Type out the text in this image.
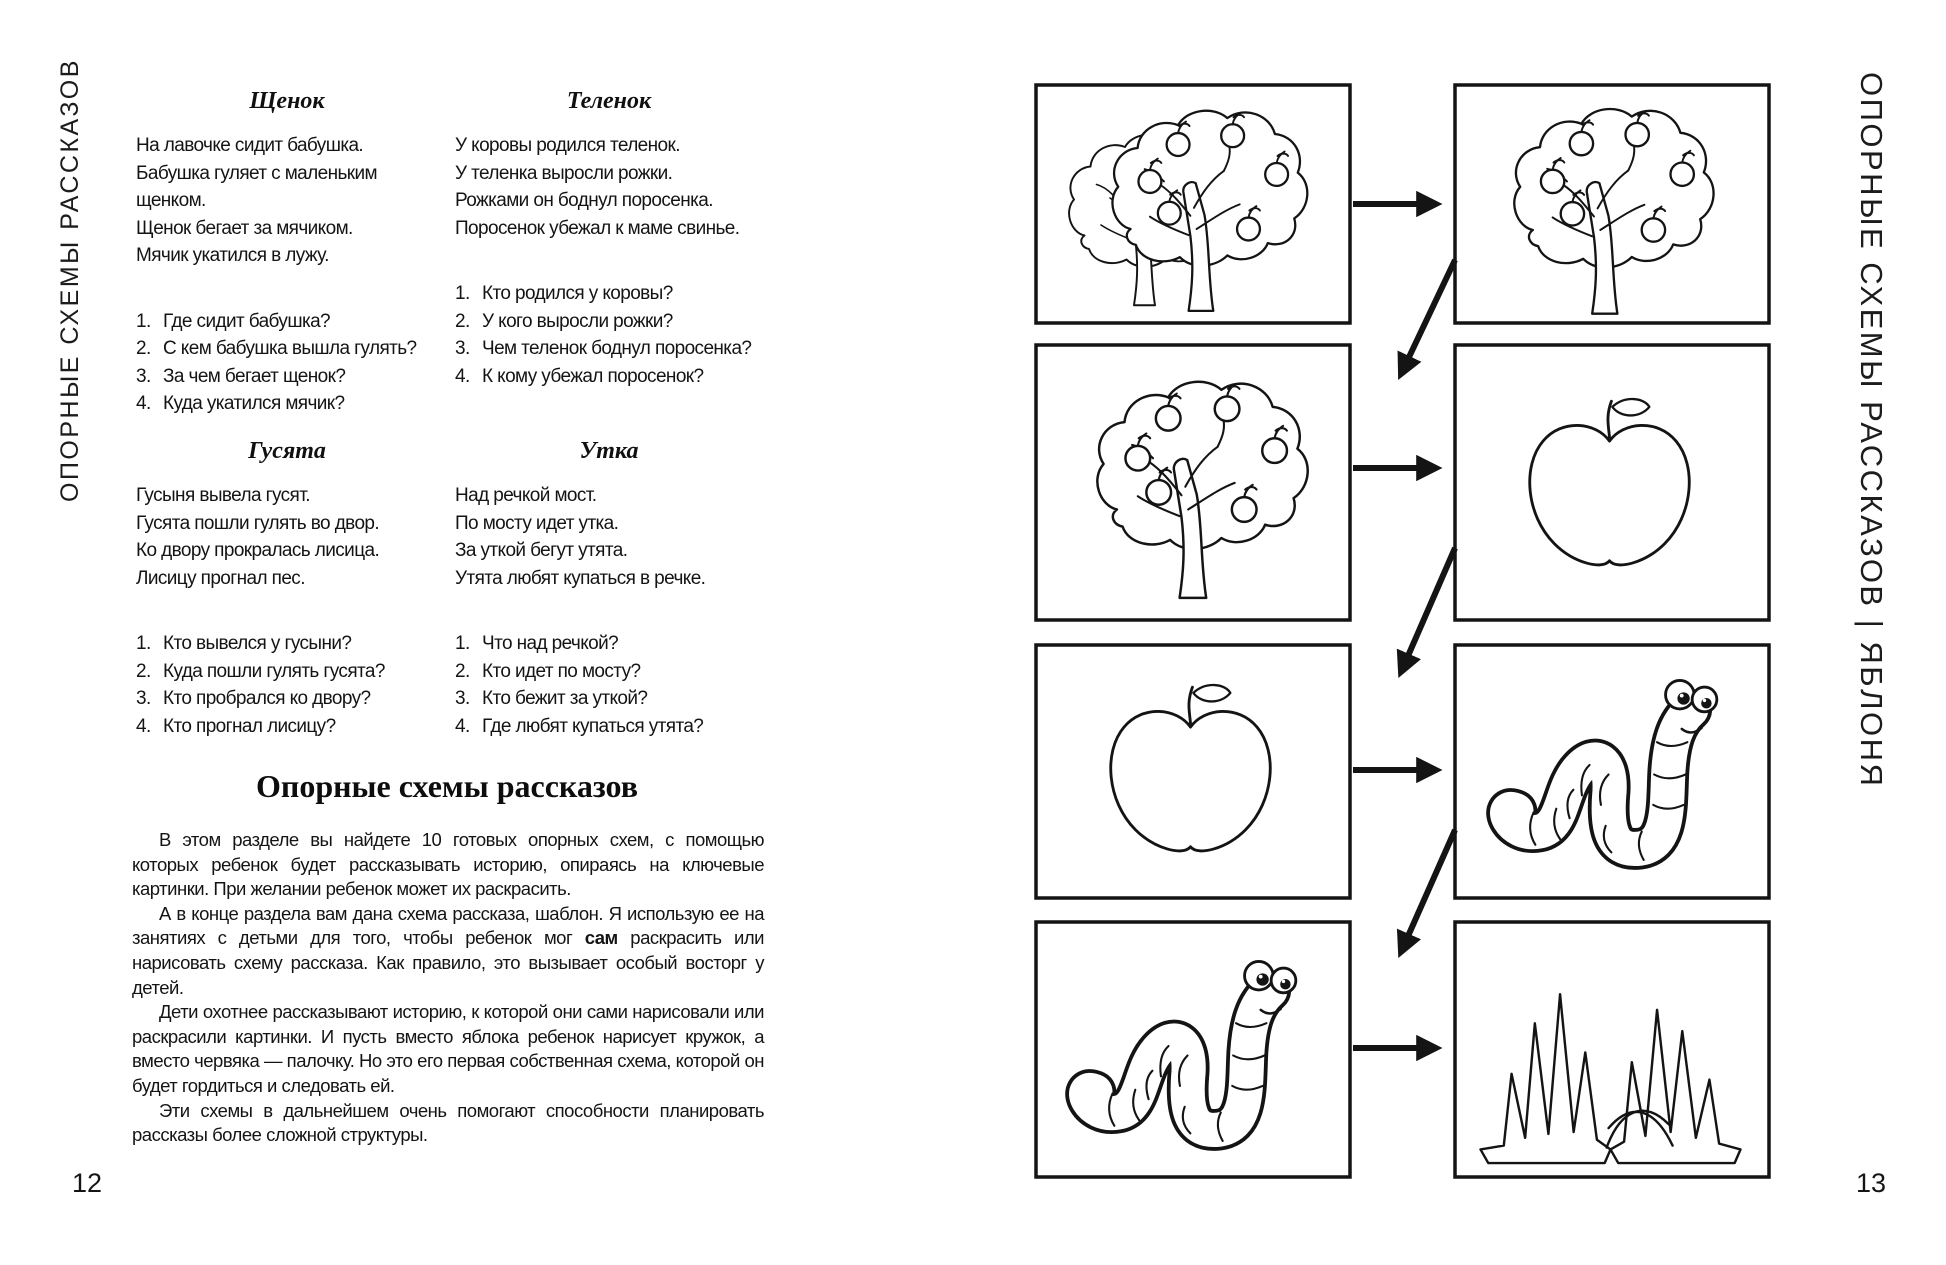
ОПОРНЫЕ СХЕМЫ РАССКАЗОВ	Щенок
На лавочке сидит бабушка.
Бабушка гуляет с маленьким щенком.
Щенок бегает за мячиком.
Мячик укатился в лужу.
1. Где сидит бабушка?
2. С кем бабушка вышла гулять?
3. За чем бегает щенок?
4. Куда укатился мячик?
Теленок
У коровы родился теленок.
У теленка выросли рожки.
Рожками он боднул поросенка.
Поросенок убежал к маме свинье.
1. Кто родился у коровы?
2. У кого выросли рожки?
3. Чем теленок боднул поросенка?
4. К кому убежал поросенок?
Гусята
Гусыня вывела гусят.
Гусята пошли гулять во двор.
Ко двору прокралась лисица.
Лисицу прогнал пес.
1. Кто вывелся у гусыни?
2. Куда пошли гулять гусята?
3. Кто пробрался ко двору?
4. Кто прогнал лисицу?
Утка
Над речкой мост.
По мосту идет утка.
За уткой бегут утята.
Утята любят купаться в речке.
1. Что над речкой?
2. Кто идет по мосту?
3. Кто бежит за уткой?
4. Где любят купаться утята?
Опорные схемы рассказов

В этом разделе вы найдете 10 готовых опорных схем, с помощью которых ребенок будет рассказывать историю, опираясь на ключевые картинки. При желании ребенок может их раскрасить.

А в конце раздела вам дана схема рассказа, шаблон. Я использую ее на занятиях с детьми для того, чтобы ребенок мог сам раскрасить или нарисовать схему рассказа. Как правило, это вызывает особый восторг у детей.

Дети охотнее рассказывают историю, к которой они сами нарисовали или раскрасили картинки. И пусть вместо яблока ребенок нарисует кружок, а вместо червяка — палочку. Но это его первая собственная схема, которой он будет гордиться и следовать ей.

Эти схемы в дальнейшем очень помогают способности планировать рассказы более сложной структуры.

12
ОПОРНЫЕ СХЕМЫ РАССКАЗОВ | ЯБЛОНЯ
13
